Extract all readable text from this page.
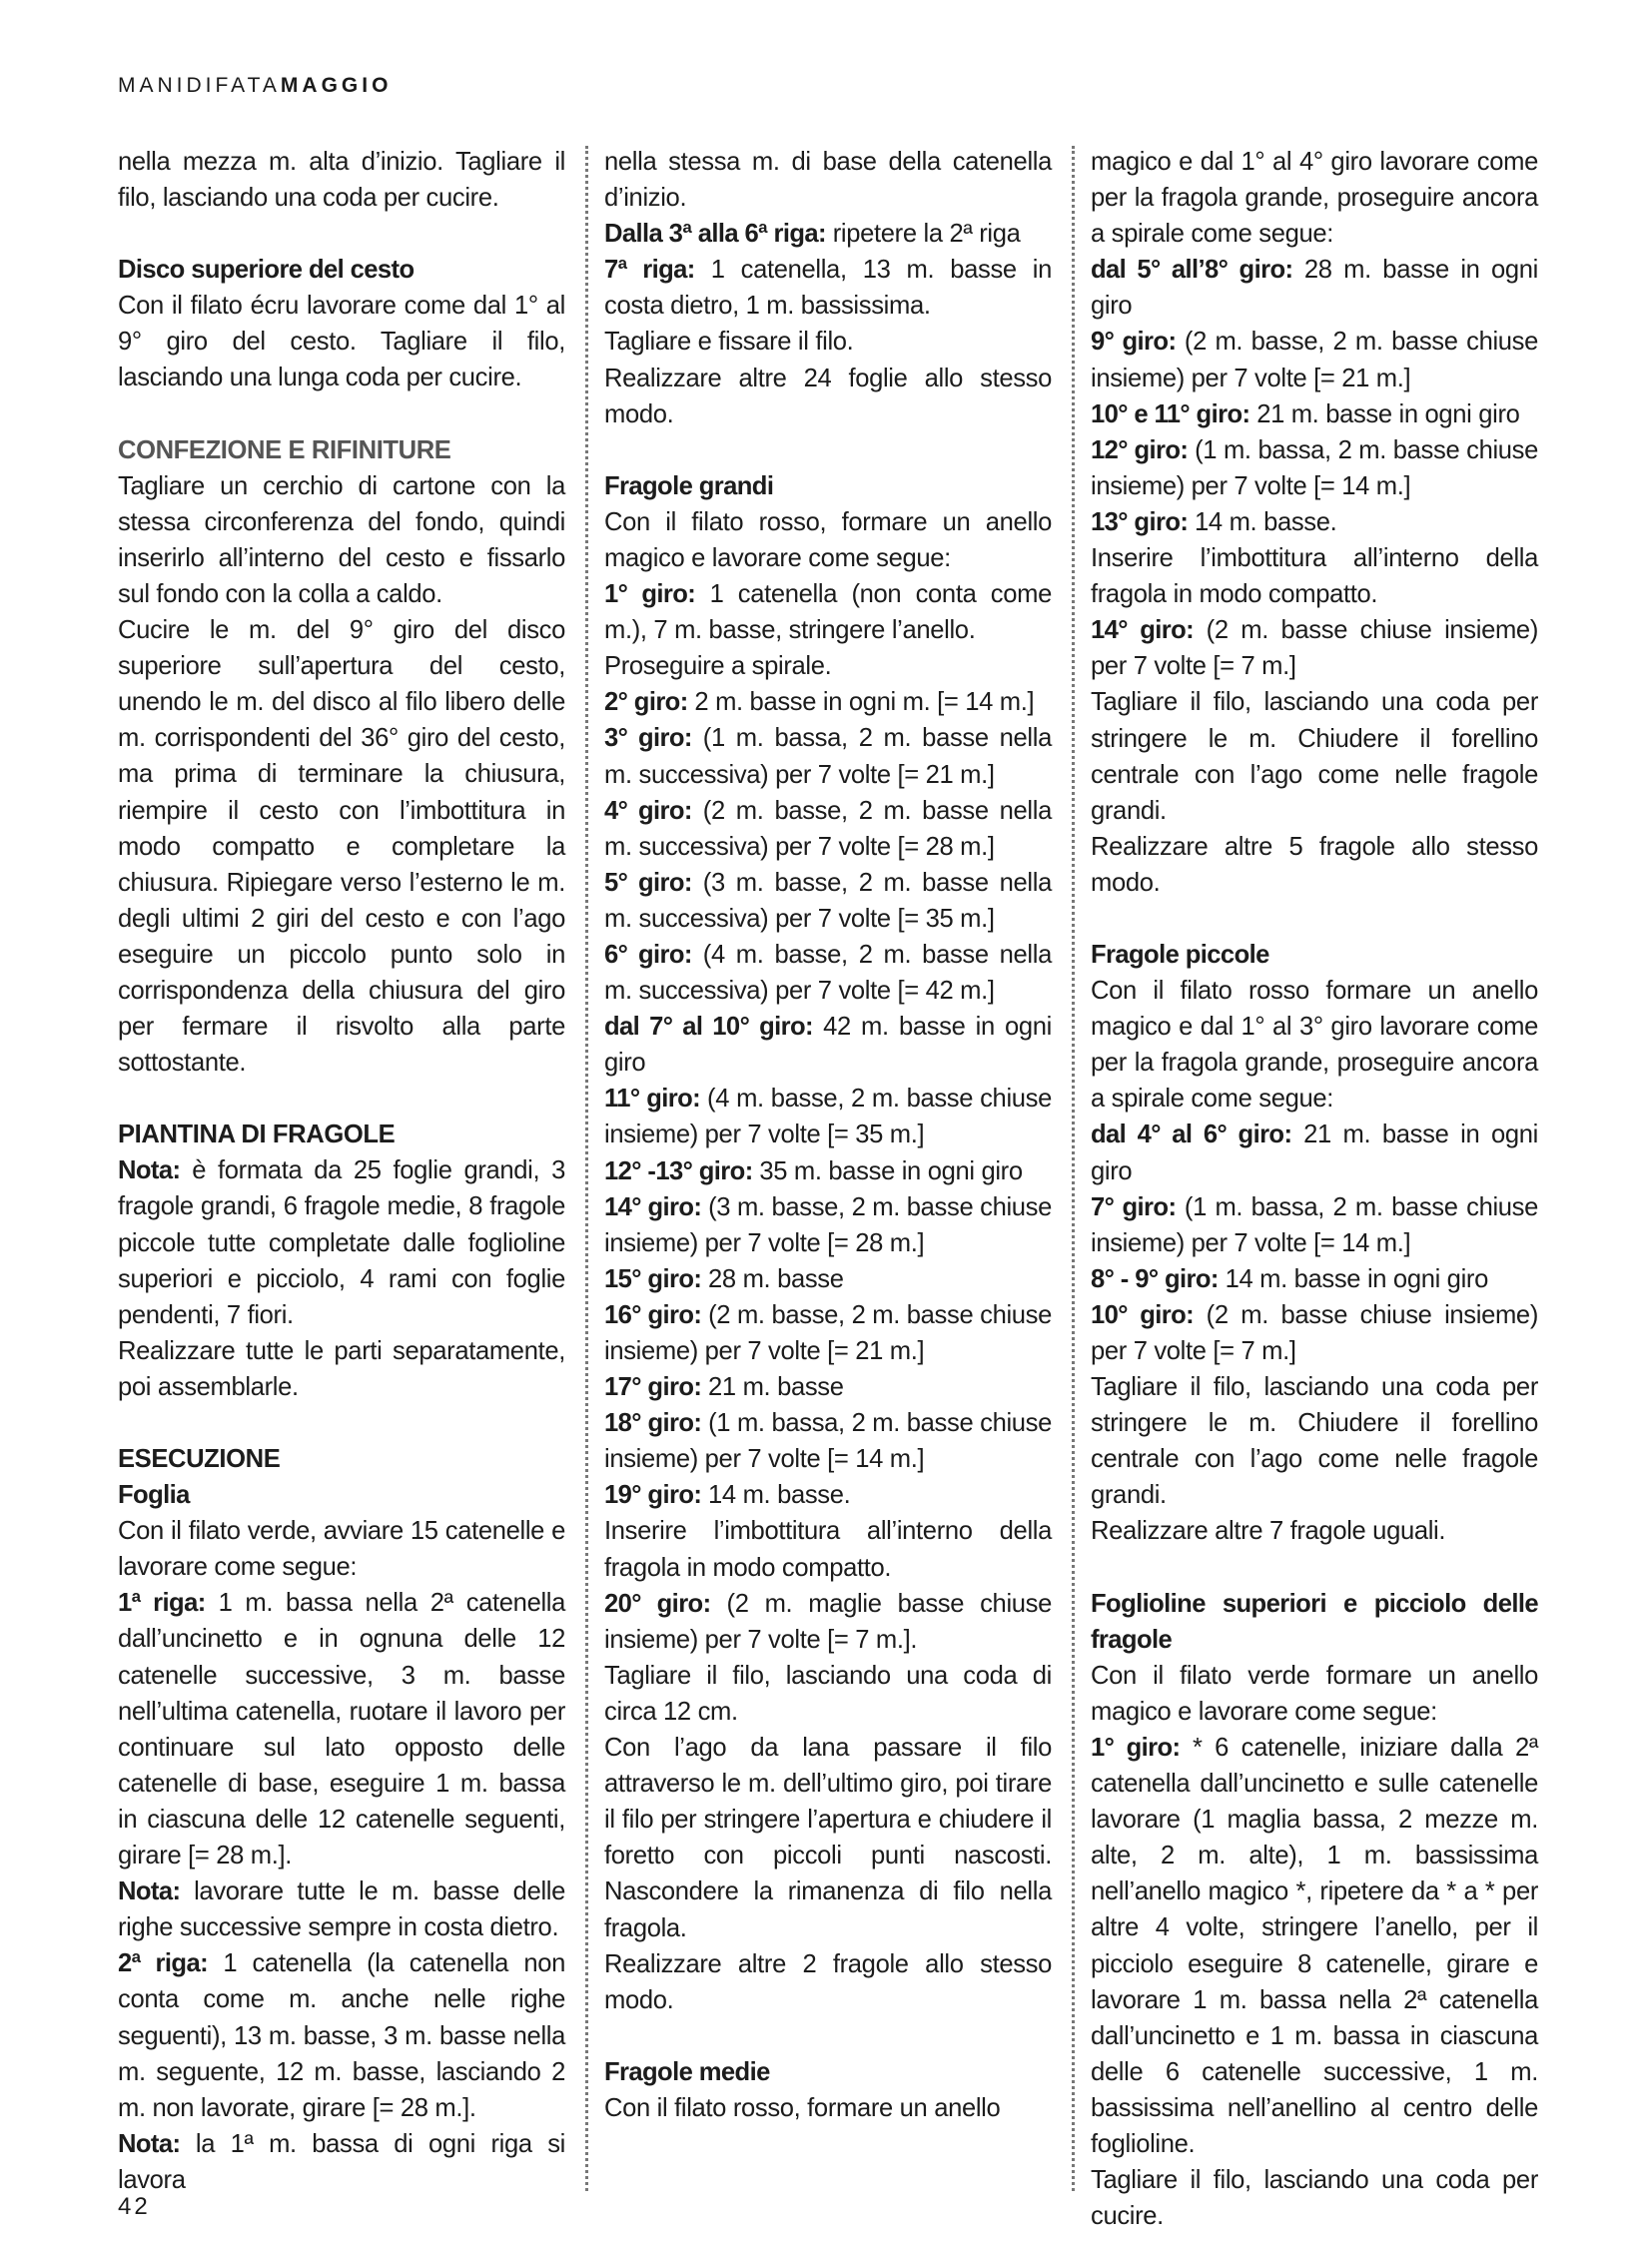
MANIDIFATAMAGGIO

nella mezza m. alta d’inizio. Tagliare il filo, lasciando una coda per cucire.

Disco superiore del cesto

Con il filato écru lavorare come dal 1° al 9° giro del cesto. Tagliare il filo, lasciando una lunga coda per cucire.

CONFEZIONE E RIFINITURE

Tagliare un cerchio di cartone con la stessa circonferenza del fondo, quindi inserirlo all’interno del cesto e fissarlo sul fondo con la colla a caldo.

Cucire le m. del 9° giro del disco superiore sull’apertura del cesto, unendo le m. del disco al filo libero delle m. corrispondenti del 36° giro del cesto, ma prima di terminare la chiusura, riempire il cesto con l’imbottitura in modo compatto e completare la chiusura. Ripiegare verso l’esterno le m. degli ultimi 2 giri del cesto e con l’ago eseguire un piccolo punto solo in corrispondenza della chiusura del giro per fermare il risvolto alla parte sottostante.

PIANTINA DI FRAGOLE

Nota: è formata da 25 foglie grandi, 3 fragole grandi, 6 fragole medie, 8 fragole piccole tutte completate dalle foglioline superiori e picciolo, 4 rami con foglie pendenti, 7 fiori.

Realizzare tutte le parti separatamente, poi assemblarle.

ESECUZIONE
Foglia

Con il filato verde, avviare 15 catenelle e lavorare come segue:

1ª riga: 1 m. bassa nella 2ª catenella dall’uncinetto e in ognuna delle 12 catenelle successive, 3 m. basse nell’ultima catenella, ruotare il lavoro per continuare sul lato opposto delle catenelle di base, eseguire 1 m. bassa in ciascuna delle 12 catenelle seguenti, girare [= 28 m.].

Nota: lavorare tutte le m. basse delle righe successive sempre in costa dietro.

2ª riga: 1 catenella (la catenella non conta come m. anche nelle righe seguenti), 13 m. basse, 3 m. basse nella m. seguente, 12 m. basse, lasciando 2 m. non lavorate, girare [= 28 m.].

Nota: la 1ª m. bassa di ogni riga si lavora

nella stessa m. di base della catenella d’inizio.

Dalla 3ª alla 6ª riga: ripetere la 2ª riga

7ª riga: 1 catenella, 13 m. basse in costa dietro, 1 m. bassissima.

Tagliare e fissare il filo.

Realizzare altre 24 foglie allo stesso modo.

Fragole grandi

Con il filato rosso, formare un anello magico e lavorare come segue:

1° giro: 1 catenella (non conta come m.), 7 m. basse, stringere l’anello.

Proseguire a spirale.

2° giro: 2 m. basse in ogni m. [= 14 m.]

3° giro: (1 m. bassa, 2 m. basse nella m. successiva) per 7 volte [= 21 m.]

4° giro: (2 m. basse, 2 m. basse nella m. successiva) per 7 volte [= 28 m.]

5° giro: (3 m. basse, 2 m. basse nella m. successiva) per 7 volte [= 35 m.]

6° giro: (4 m. basse, 2 m. basse nella m. successiva) per 7 volte [= 42 m.]

dal 7° al 10° giro: 42 m. basse in ogni giro

11° giro: (4 m. basse, 2 m. basse chiuse insieme) per 7 volte [= 35 m.]

12° -13° giro: 35 m. basse in ogni giro

14° giro: (3 m. basse, 2 m. basse chiuse insieme) per 7 volte [= 28 m.]

15° giro: 28 m. basse

16° giro: (2 m. basse, 2 m. basse chiuse insieme) per 7 volte [= 21 m.]

17° giro: 21 m. basse

18° giro: (1 m. bassa, 2 m. basse chiuse insieme) per 7 volte [= 14 m.]

19° giro: 14 m. basse.

Inserire l’imbottitura all’interno della fragola in modo compatto.

20° giro: (2 m. maglie basse chiuse insieme) per 7 volte [= 7 m.].

Tagliare il filo, lasciando una coda di circa 12 cm.

Con l’ago da lana passare il filo attraverso le m. dell’ultimo giro, poi tirare il filo per stringere l’apertura e chiudere il foretto con piccoli punti nascosti. Nascondere la rimanenza di filo nella fragola.

Realizzare altre 2 fragole allo stesso modo.

Fragole medie

Con il filato rosso, formare un anello

magico e dal 1° al 4° giro lavorare come per la fragola grande, proseguire ancora a spirale come segue:

dal 5° all’8° giro: 28 m. basse in ogni giro

9° giro: (2 m. basse, 2 m. basse chiuse insieme) per 7 volte [= 21 m.]

10° e 11° giro: 21 m. basse in ogni giro

12° giro: (1 m. bassa, 2 m. basse chiuse insieme) per 7 volte [= 14 m.]

13° giro: 14 m. basse.

Inserire l’imbottitura all’interno della fragola in modo compatto.

14° giro: (2 m. basse chiuse insieme) per 7 volte [= 7 m.]

Tagliare il filo, lasciando una coda per stringere le m. Chiudere il forellino centrale con l’ago come nelle fragole grandi.

Realizzare altre 5 fragole allo stesso modo.

Fragole piccole

Con il filato rosso formare un anello magico e dal 1° al 3° giro lavorare come per la fragola grande, proseguire ancora a spirale come segue:

dal 4° al 6° giro: 21 m. basse in ogni giro

7° giro: (1 m. bassa, 2 m. basse chiuse insieme) per 7 volte [= 14 m.]

8° - 9° giro: 14 m. basse in ogni giro

10° giro: (2 m. basse chiuse insieme) per 7 volte [= 7 m.]

Tagliare il filo, lasciando una coda per stringere le m. Chiudere il forellino centrale con l’ago come nelle fragole grandi.

Realizzare altre 7 fragole uguali.

Foglioline superiori e picciolo delle fragole

Con il filato verde formare un anello magico e lavorare come segue:

1° giro: * 6 catenelle, iniziare dalla 2ª catenella dall’uncinetto e sulle catenelle lavorare (1 maglia bassa, 2 mezze m. alte, 2 m. alte), 1 m. bassissima nell’anello magico *, ripetere da * a * per altre 4 volte, stringere l’anello, per il picciolo eseguire 8 catenelle, girare e lavorare 1 m. bassa nella 2ª catenella dall’uncinetto e 1 m. bassa in ciascuna delle 6 catenelle successive, 1 m. bassissima nell’anellino al centro delle foglioline.

Tagliare il filo, lasciando una coda per cucire.

42
